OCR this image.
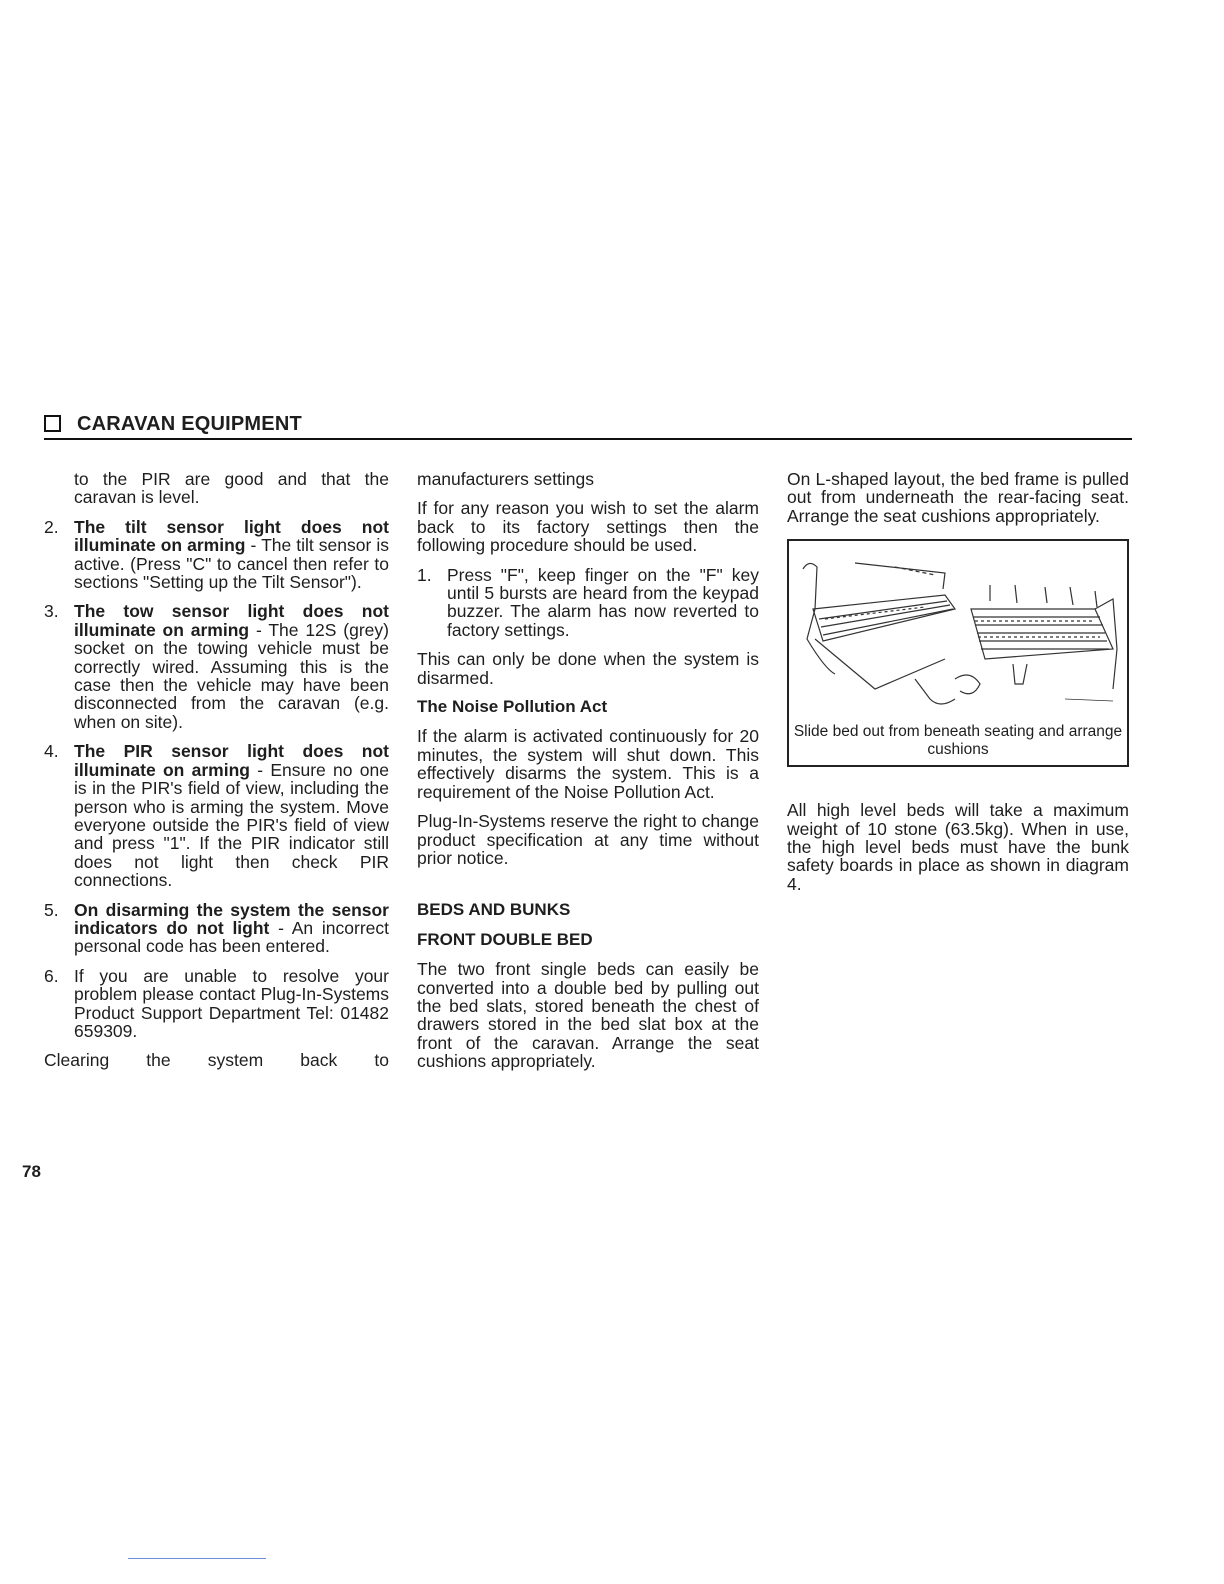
CARAVAN EQUIPMENT

to the PIR are good and that the caravan is level.

2. The tilt sensor light does not illuminate on arming - The tilt sensor is active. (Press "C" to cancel then refer to sections "Setting up the Tilt Sensor").
3. The tow sensor light does not illuminate on arming - The 12S (grey) socket on the towing vehicle must be correctly wired. Assuming this is the case then the vehicle may have been disconnected from the caravan (e.g. when on site).
4. The PIR sensor light does not illuminate on arming - Ensure no one is in the PIR's field of view, including the person who is arming the system. Move everyone outside the PIR's field of view and press "1". If the PIR indicator still does not light then check PIR connections.
5. On disarming the system the sensor indicators do not light - An incorrect personal code has been entered.
6. If you are unable to resolve your problem please contact Plug-In-Systems Product Support Department Tel: 01482 659309.

Clearing the system back to

manufacturers settings

If for any reason you wish to set the alarm back to its factory settings then the following procedure should be used.

1. Press "F", keep finger on the "F" key until 5 bursts are heard from the keypad buzzer. The alarm has now reverted to factory settings.

This can only be done when the system is disarmed.

The Noise Pollution Act

If the alarm is activated continuously for 20 minutes, the system will shut down. This effectively disarms the system. This is a requirement of the Noise Pollution Act.

Plug-In-Systems reserve the right to change product specification at any time without prior notice.

BEDS AND BUNKS
FRONT DOUBLE BED

The two front single beds can easily be converted into a double bed by pulling out the bed slats, stored beneath the chest of drawers stored in the bed slat box at the front of the caravan. Arrange the seat cushions appropriately.

On L-shaped layout, the bed frame is pulled out from underneath the rear-facing seat. Arrange the seat cushions appropriately.

Slide bed out from beneath seating and arrange cushions

All high level beds will take a maximum weight of 10 stone (63.5kg). When in use, the high level beds must have the bunk safety boards in place as shown in diagram 4.

78
